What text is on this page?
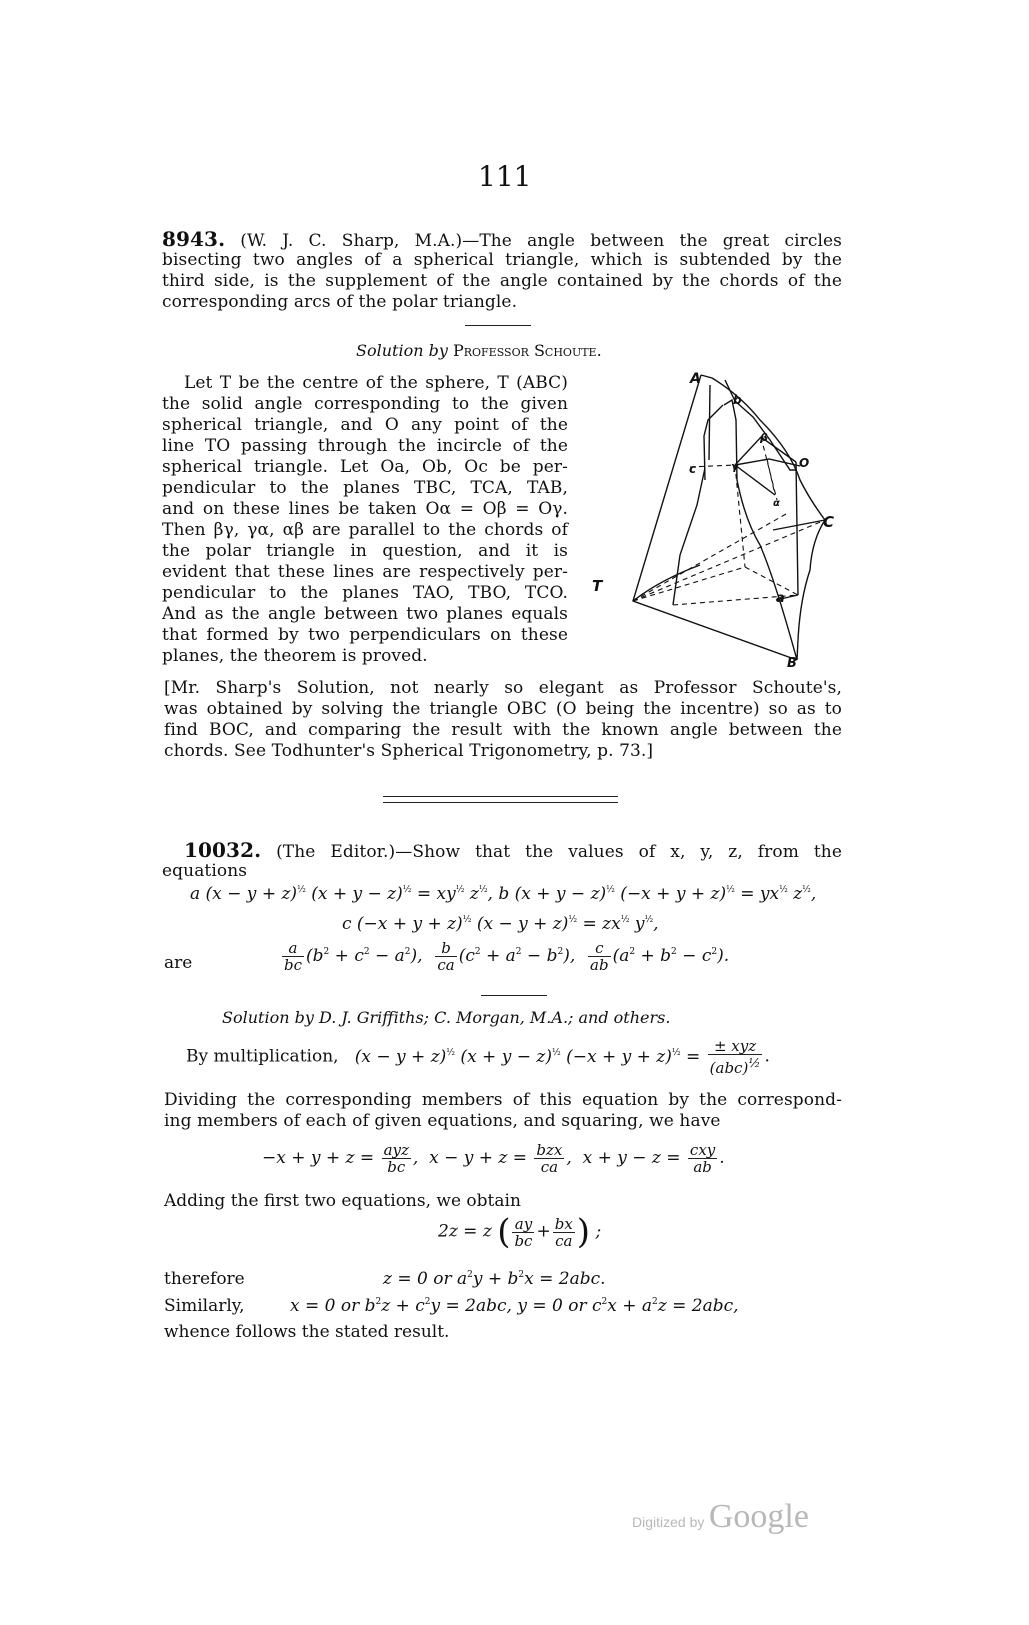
111
8943. (W. J. C. Sharp, M.A.)—The angle between the great circles
bisecting two angles of a spherical triangle, which is subtended by the
third side, is the supplement of the angle contained by the chords of the
corresponding arcs of the polar triangle.
Solution by Professor Schoute.
Let T be the centre of the sphere, T (ABC)
the solid angle corresponding to the given
spherical triangle, and O any point of the
line TO passing through the incircle of the
spherical triangle. Let Oa, Ob, Oc be per-
pendicular to the planes TBC, TCA, TAB,
and on these lines be taken Oα = Oβ = Oγ.
Then βγ, γα, αβ are parallel to the chords of
the polar triangle in question, and it is
evident that these lines are respectively per-
pendicular to the planes TAO, TBO, TCO.
And as the angle between two planes equals
that formed by two perpendiculars on these
planes, the theorem is proved.
A
b
β
O
c	γ
α
C
T
a
B
[Mr. Sharp's Solution, not nearly so elegant as Professor Schoute's,
was obtained by solving the triangle OBC (O being the incentre) so as to
find BOC, and comparing the result with the known angle between the
chords. See Todhunter's Spherical Trigonometry, p. 73.]
10032. (The Editor.)—Show that the values of x, y, z, from the
equations
a $(x - y + z)^{\frac{1}{2}}$ $(x + y - z)^{\frac{1}{2}} = xy^{\frac{1}{2}}$ $z^{\frac{1}{2}}$, b $(x + y - z)^{\frac{1}{2}}$ $(-x + y + z)^{\frac{1}{2}} = yx^{\frac{1}{2}}$ $z^{\frac{1}{2}}$,
c $(-x + y + z)^{\frac{1}{2}}$ $(x - y + z)^{\frac{1}{2}} = zx^{\frac{1}{2}}$ $y^{\frac{1}{2}}$,
are	$\frac{a}{bc} (b^2 + c^2 - a^2)$, $\frac{b}{ca} (c^2 + a^2 - b^2)$, $\frac{c}{ab} (a^2 + b^2 - c^2)$.
Solution by D. J. Griffiths; C. Morgan, M.A.; and others.
By multiplication, $(x - y + z)^{\frac{1}{2}}$ $(x + y - z)^{\frac{1}{2}}$ $(-x + y + z)^{\frac{1}{2}} = \frac{\text{± xyz}}{(abc)^{\frac{1}{2}}}$ .
Dividing the corresponding members of this equation by the correspond-
ing members of each of given equations, and squaring, we have
$-x + y + z = \frac{\text{ayz}}{bc}$ , $x - y + z = \frac{\text{bzx}}{ca}$ , $x + y - z = \frac{\text{cxy}}{ab}$ .
Adding the first two equations, we obtain
2z = z ( $\frac{ay}{bc} + \frac{bx}{ca}$ ) ;
therefore	z = 0 or $a^2y + b^2x = 2abc$.
Similarly,	x = 0 or $b^2z + c^2y = 2abc$, y = 0 or $c^2x + a^2z = 2abc$,
whence follows the stated result.
Digitized by Google
